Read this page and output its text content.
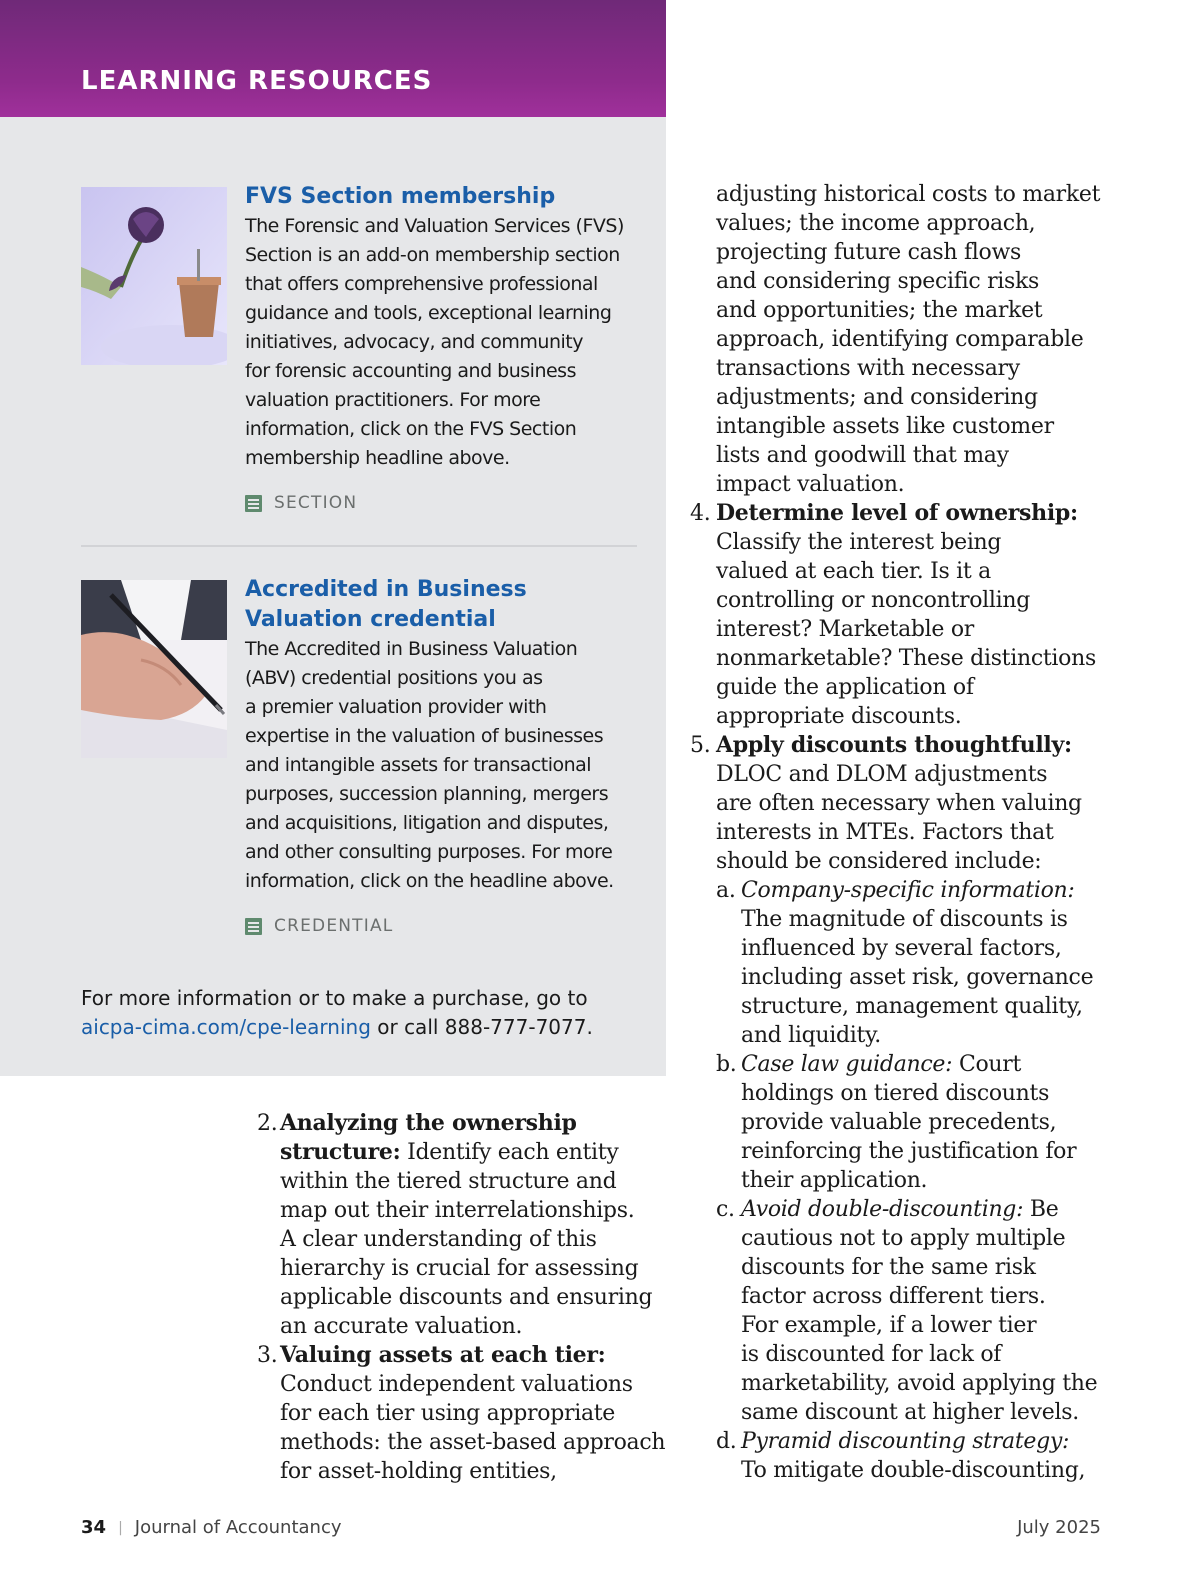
LEARNING RESOURCES
FVS Section membership
The Forensic and Valuation Services (FVS)
Section is an add-on membership section
that offers comprehensive professional
guidance and tools, exceptional learning
initiatives, advocacy, and community
for forensic accounting and business
valuation practitioners. For more
information, click on the FVS Section
membership headline above.
SECTION
Accredited in Business
Valuation credential
The Accredited in Business Valuation
(ABV) credential positions you as
a premier valuation provider with
expertise in the valuation of businesses
and intangible assets for transactional
purposes, succession planning, mergers
and acquisitions, litigation and disputes,
and other consulting purposes. For more
information, click on the headline above.
CREDENTIAL
For more information or to make a purchase, go to
aicpa-cima.com/cpe-learning or call 888-777-7077.
2. Analyzing the ownership
structure: Identify each entity
within the tiered structure and
map out their interrelationships.
A clear understanding of this
hierarchy is crucial for assessing
applicable discounts and ensuring
an accurate valuation.
3. Valuing assets at each tier:
Conduct independent valuations
for each tier using appropriate
methods: the asset-based approach
for asset-holding entities,
adjusting historical costs to market
values; the income approach,
projecting future cash flows
and considering specific risks
and opportunities; the market
approach, identifying comparable
transactions with necessary
adjustments; and considering
intangible assets like customer
lists and goodwill that may
impact valuation.
4. Determine level of ownership:
Classify the interest being
valued at each tier. Is it a
controlling or noncontrolling
interest? Marketable or
nonmarketable? These distinctions
guide the application of
appropriate discounts.
5. Apply discounts thoughtfully:
DLOC and DLOM adjustments
are often necessary when valuing
interests in MTEs. Factors that
should be considered include:
a. Company-specific information:
The magnitude of discounts is
influenced by several factors,
including asset risk, governance
structure, management quality,
and liquidity.
b. Case law guidance: Court
holdings on tiered discounts
provide valuable precedents,
reinforcing the justification for
their application.
c. Avoid double-discounting: Be
cautious not to apply multiple
discounts for the same risk
factor across different tiers.
For example, if a lower tier
is discounted for lack of
marketability, avoid applying the
same discount at higher levels.
d. Pyramid discounting strategy:
To mitigate double-discounting,
34 | Journal of Accountancy	July 2025
